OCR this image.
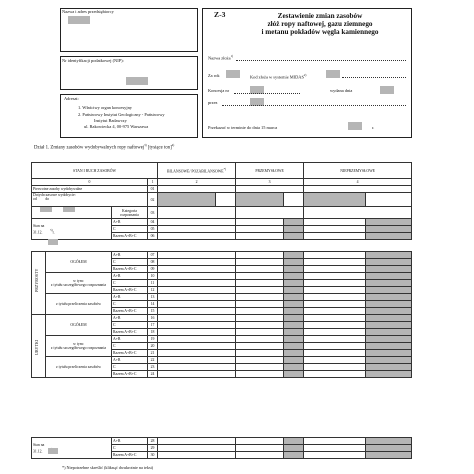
Nazwa i adres przedsiębiorcy
Nr identyfikacji podatkowej (NIP):
Adresat:
1. Właściwy organ koncesyjny
2. Państwowy Instytut Geologiczny - Państwowy
Instytut Badawczy
ul. Rakowiecka 4, 00-975 Warszawa
Z-3	Zestawienie zmian zasobów
złóż ropy naftowej, gazu ziemnego
i metanu pokładów węgla kamiennego
Nazwa złoża$^{1)}$
Za rok	Kod złoża w systemie MIDAS$^{2)}$
Koncesja nr	wydana dnia
przez
Przekazać w terminie do dnia 15 marca	r.
Dział 1. Zmiany zasobów wydobywalnych ropy naftowej$^{3)}$ [tysiące ton]$^{4)}$
STAN I RUCH ZASOBÓW			BILANSOWE/ POZABILANSOWE*)		PRZEMYSŁOWE		NIEPRZEMYSŁOWE	
0		1	2		3		4	
Pierwotne zasoby wydobywalne		01						
Dotychczasowe wydobycie:
od do		02						
	Kategoria rozpoznania	03						
Stan na
31.12.        $^{5)}$r.	A+B	04						
	C	05						
	Razem A+B+C	06						
PRZYROSTY	OGÓŁEM	A+B	07					
		C	08					
		Razem A+B+C	09					
	w tym:
z tytułu szczegółowego rozpoznania	A+B	10					
		C	11					
		Razem A+B+C	12					
	z tytułu przeliczenia zasobów	A+B	13					
		C	14					
		Razem A+B+C	15					

UBYTKI	OGÓŁEM	A+B	16					
		C	17					
		Razem A+B+C	18					
	w tym:
z tytułu szczegółowego rozpoznania	A+B	19					
		C	20					
		Razem A+B+C	21					
	z tytułu przeliczenia zasobów	A+B	22					
		C	23					
		Razem A+B+C	24					
Stan na
31.12.	A+B	28					
	C	29					
	Razem A+B+C	30					
*) Niepotrzebne skreślić (kliknąć dwukrotnie na tekst)
